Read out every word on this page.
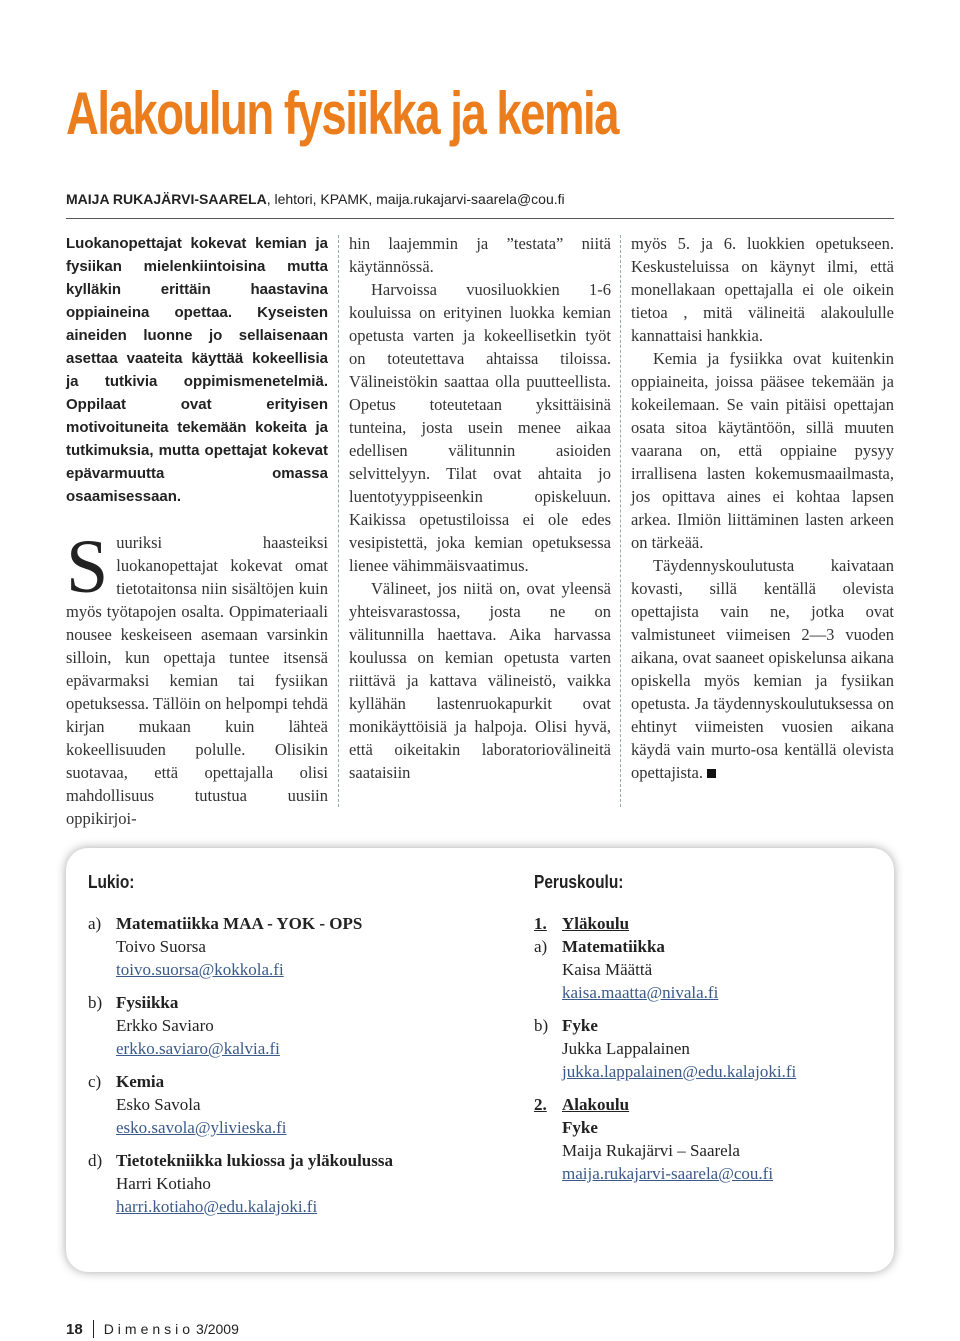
Alakoulun fysiikka ja kemia
MAIJA RUKAJÄRVI-SAARELA, lehtori, KPAMK, maija.rukajarvi-saarela@cou.fi

Luokanopettajat kokevat kemian ja fysiikan mielenkiintoisina mutta kylläkin erittäin haastavina oppiaineina opettaa. Kyseisten aineiden luonne jo sellaisenaan asettaa vaateita käyttää kokeellisia ja tutkivia oppimismenetelmiä. Oppilaat ovat erityisen motivoituneita tekemään kokeita ja tutkimuksia, mutta opettajat kokevat epävarmuutta omassa osaamisessaan.

Suuriksi haasteiksi luokanopettajat kokevat omat tietotaitonsa niin sisältöjen kuin myös työtapojen osalta. Oppimateriaali nousee keskeiseen asemaan varsinkin silloin, kun opettaja tuntee itsensä epävarmaksi kemian tai fysiikan opetuksessa. Tällöin on helpompi tehdä kirjan mukaan kuin lähteä kokeellisuuden polulle. Olisikin suotavaa, että opettajalla olisi mahdollisuus tutustua uusiin oppikirjoi-

hin laajemmin ja ”testata” niitä käytännössä.

Harvoissa vuosiluokkien 1-6 kouluissa on erityinen luokka kemian opetusta varten ja kokeellisetkin työt on toteutettava ahtaissa tiloissa. Välineistökin saattaa olla puutteellista. Opetus toteutetaan yksittäisinä tunteina, josta usein menee aikaa edellisen välitunnin asioiden selvittelyyn. Tilat ovat ahtaita jo luentotyyppiseenkin opiskeluun. Kaikissa opetustiloissa ei ole edes vesipistettä, joka kemian opetuksessa lienee vähimmäisvaatimus.

Välineet, jos niitä on, ovat yleensä yhteisvarastossa, josta ne on välitunnilla haettava. Aika harvassa koulussa on kemian opetusta varten riittävä ja kattava välineistö, vaikka kyllähän lastenruokapurkit ovat monikäyttöisiä ja halpoja. Olisi hyvä, että oikeitakin laboratoriovälineitä saataisiin

myös 5. ja 6. luokkien opetukseen. Keskusteluissa on käynyt ilmi, että monellakaan opettajalla ei ole oikein tietoa , mitä välineitä alakoululle kannattaisi hankkia.

Kemia ja fysiikka ovat kuitenkin oppiaineita, joissa pääsee tekemään ja kokeilemaan. Se vain pitäisi opettajan osata sitoa käytäntöön, sillä muuten vaarana on, että oppiaine pysyy irrallisena lasten kokemusmaailmasta, jos opittava aines ei kohtaa lapsen arkea. Ilmiön liittäminen lasten arkeen on tärkeää.

Täydennyskoulutusta kaivataan kovasti, sillä kentällä olevista opettajista vain ne, jotka ovat valmistuneet viimeisen 2—3 vuoden aikana, ovat saaneet opiskelunsa aikana opiskella myös kemian ja fysiikan opetusta. Ja täydennyskoulutuksessa on ehtinyt viimeisten vuosien aikana käydä vain murto-osa kentällä olevista opettajista.

Lukio:
a) Matematiikka MAA - YOK - OPS
Toivo Suorsa
toivo.suorsa@kokkola.fi
b) Fysiikka
Erkko Saviaro
erkko.saviaro@kalvia.fi
c) Kemia
Esko Savola
esko.savola@ylivieska.fi
d) Tietotekniikka lukiossa ja yläkoulussa
Harri Kotiaho
harri.kotiaho@edu.kalajoki.fi
Peruskoulu:
1. Yläkoulu
a) Matematiikka
Kaisa Määttä
kaisa.maatta@nivala.fi
b) Fyke
Jukka Lappalainen
jukka.lappalainen@edu.kalajoki.fi
2. Alakoulu
Fyke
Maija Rukajärvi – Saarela
maija.rukajarvi-saarela@cou.fi
18 Dimensio 3/2009
